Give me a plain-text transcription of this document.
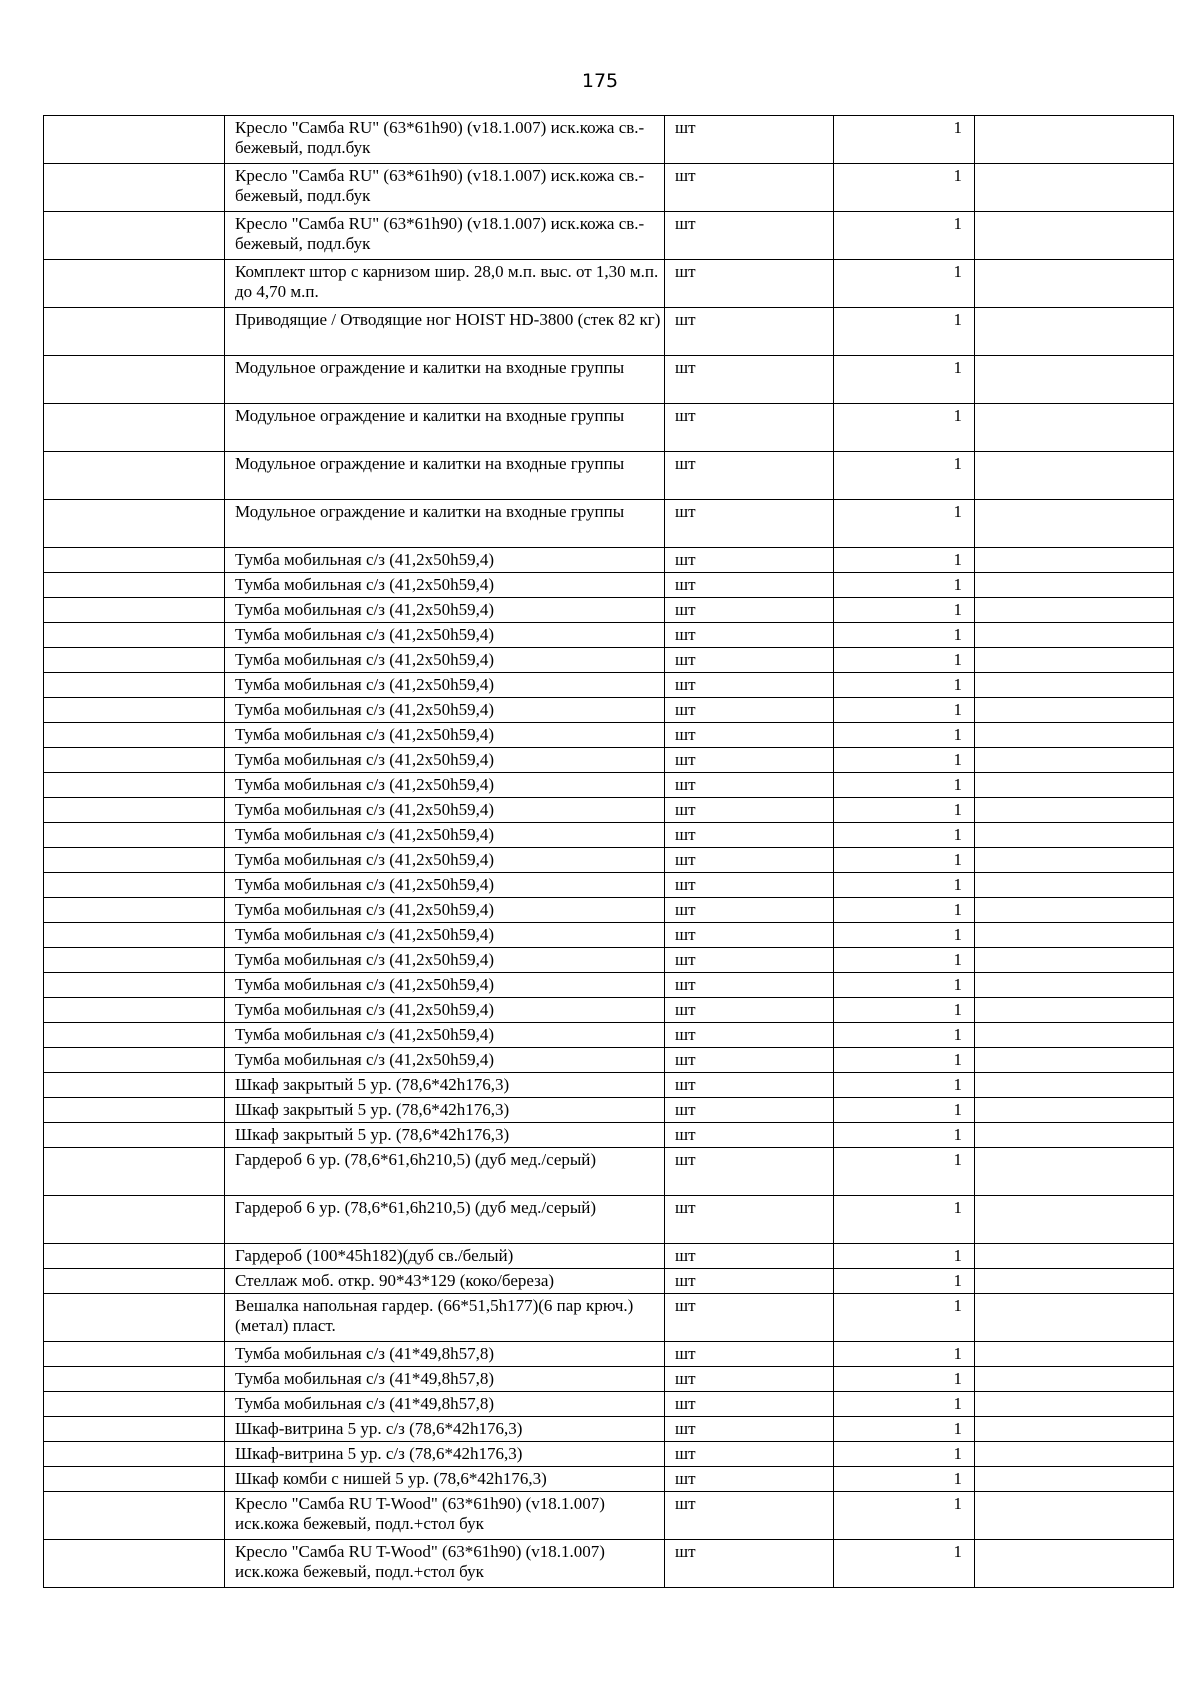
175
	Кресло "Самба RU" (63*61h90) (v18.1.007) иск.кожа св.-бежевый, подл.бук	шт	1	
	Кресло "Самба RU" (63*61h90) (v18.1.007) иск.кожа св.-бежевый, подл.бук	шт	1	
	Кресло "Самба RU" (63*61h90) (v18.1.007) иск.кожа св.-бежевый, подл.бук	шт	1	
	Комплект штор с карнизом шир. 28,0 м.п. выс. от 1,30 м.п. до 4,70 м.п.	шт	1	
	Приводящие / Отводящие ног HOIST HD-3800 (стек 82 кг)	шт	1	
	Модульное ограждение и калитки на входные группы	шт	1	
	Модульное ограждение и калитки на входные группы	шт	1	
	Модульное ограждение и калитки на входные группы	шт	1	
	Модульное ограждение и калитки на входные группы	шт	1	
	Тумба мобильная с/з (41,2х50h59,4)	шт	1	
	Тумба мобильная с/з (41,2х50h59,4)	шт	1	
	Тумба мобильная с/з (41,2х50h59,4)	шт	1	
	Тумба мобильная с/з (41,2х50h59,4)	шт	1	
	Тумба мобильная с/з (41,2х50h59,4)	шт	1	
	Тумба мобильная с/з (41,2х50h59,4)	шт	1	
	Тумба мобильная с/з (41,2х50h59,4)	шт	1	
	Тумба мобильная с/з (41,2х50h59,4)	шт	1	
	Тумба мобильная с/з (41,2х50h59,4)	шт	1	
	Тумба мобильная с/з (41,2х50h59,4)	шт	1	
	Тумба мобильная с/з (41,2х50h59,4)	шт	1	
	Тумба мобильная с/з (41,2х50h59,4)	шт	1	
	Тумба мобильная с/з (41,2х50h59,4)	шт	1	
	Тумба мобильная с/з (41,2х50h59,4)	шт	1	
	Тумба мобильная с/з (41,2х50h59,4)	шт	1	
	Тумба мобильная с/з (41,2х50h59,4)	шт	1	
	Тумба мобильная с/з (41,2х50h59,4)	шт	1	
	Тумба мобильная с/з (41,2х50h59,4)	шт	1	
	Тумба мобильная с/з (41,2х50h59,4)	шт	1	
	Тумба мобильная с/з (41,2х50h59,4)	шт	1	
	Тумба мобильная с/з (41,2х50h59,4)	шт	1	
	Шкаф закрытый 5 ур. (78,6*42h176,3)	шт	1	
	Шкаф закрытый 5 ур. (78,6*42h176,3)	шт	1	
	Шкаф закрытый 5 ур. (78,6*42h176,3)	шт	1	
	Гардероб 6 ур. (78,6*61,6h210,5) (дуб мед./серый)	шт	1	
	Гардероб 6 ур. (78,6*61,6h210,5) (дуб мед./серый)	шт	1	
	Гардероб (100*45h182)(дуб св./белый)	шт	1	
	Стеллаж моб. откр. 90*43*129 (коко/береза)	шт	1	
	Вешалка напольная гардер. (66*51,5h177)(6 пар крюч.)(метал) пласт.	шт	1	
	Тумба мобильная с/з (41*49,8h57,8)	шт	1	
	Тумба мобильная с/з (41*49,8h57,8)	шт	1	
	Тумба мобильная с/з (41*49,8h57,8)	шт	1	
	Шкаф-витрина 5 ур. с/з (78,6*42h176,3)	шт	1	
	Шкаф-витрина 5 ур. с/з (78,6*42h176,3)	шт	1	
	Шкаф комби с нишей 5 ур. (78,6*42h176,3)	шт	1	
	Кресло "Самба RU T-Wood" (63*61h90) (v18.1.007) иск.кожа бежевый, подл.+стол бук	шт	1	
	Кресло "Самба RU T-Wood" (63*61h90) (v18.1.007) иск.кожа бежевый, подл.+стол бук	шт	1	
